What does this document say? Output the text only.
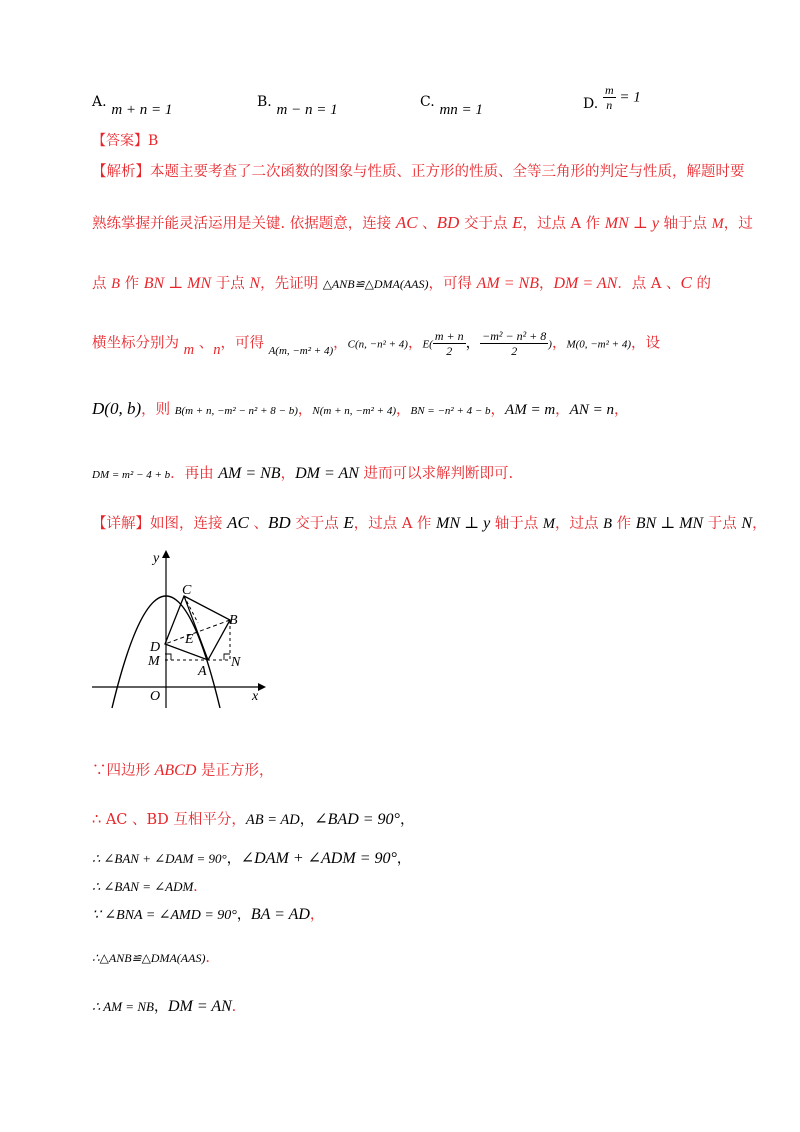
A. m + n = 1	B. m − n = 1	C. mn = 1	D. $\frac{m}{n} = 1$
【答案】B
【解析】本题主要考查了二次函数的图象与性质、正方形的性质、全等三角形的判定与性质，解题时要
熟练掌握并能灵活运用是关键. 依据题意，连接 AC 、BD 交于点 E，过点 A 作 MN ⊥ y 轴于点 M，过
点 B 作 BN ⊥ MN 于点 N，先证明 △ANB≌△DMA(AAS)，可得 AM = NB，DM = AN．点 A 、C 的
横坐标分别为 m 、n，可得 $_{A(m, -m^2 + 4)}$，C(n, −n² + 4)，$E( \frac{m + n}{2}$ ， $\frac{\text{−m² − n² + 8}}{2}$ )，M(0, −m² + 4)，设
D(0, b)，则 B(m + n, −m² − n² + 8 − b)，N(m + n, −m² + 4)，BN = −n² + 4 − b，AM = m，AN = n，
DM = m² − 4 + b．再由 AM = NB，DM = AN 进而可以求解判断即可.
【详解】如图，连接 AC 、BD 交于点 E，过点 A 作 MN ⊥ y 轴于点 M，过点 B 作 BN ⊥ MN 于点 N，
y
x
O
C
B
D
E
M
A
N
∵四边形 ABCD 是正方形，
∴ AC 、BD 互相平分，AB = AD，∠BAD = 90°，
∴ ∠BAN + ∠DAM = 90°，∠DAM + ∠ADM = 90°，
∴ ∠BAN = ∠ADM．
∵ ∠BNA = ∠AMD = 90°，BA = AD，
∴△ANB≌△DMA(AAS)．
∴ AM = NB，DM = AN．
